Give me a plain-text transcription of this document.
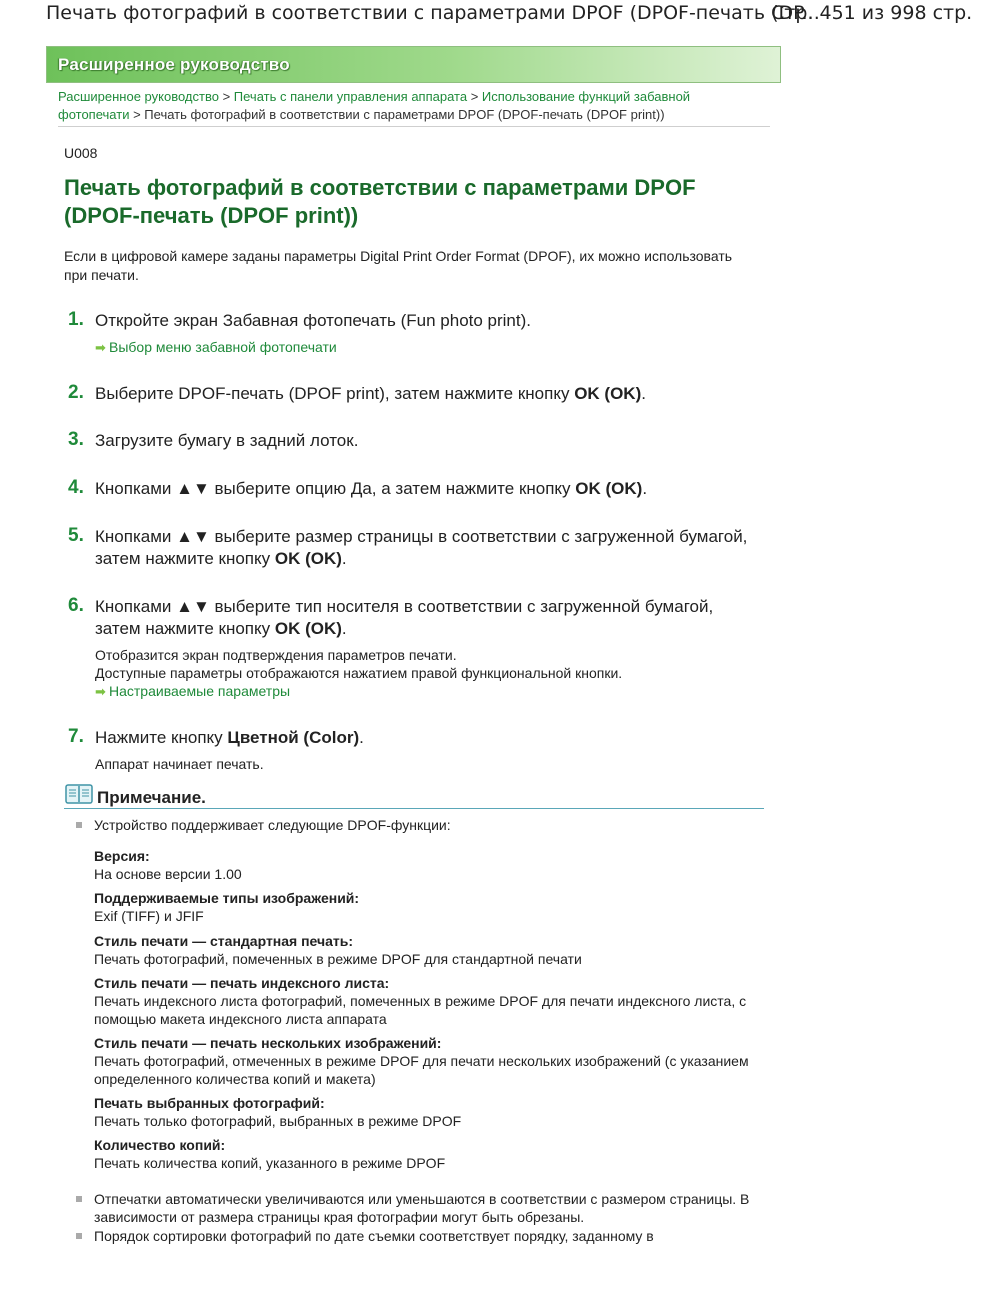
Печать фотографий в соответствии с параметрами DPOF (DPOF-печать (DP...
Стр. 451 из 998 стр.
Расширенное руководство
Расширенное руководство > Печать с панели управления аппарата > Использование функций забавной фотопечати > Печать фотографий в соответствии с параметрами DPOF (DPOF-печать (DPOF print))
U008
Печать фотографий в соответствии с параметрами DPOF (DPOF-печать (DPOF print))
Если в цифровой камере заданы параметры Digital Print Order Format (DPOF), их можно использовать при печати.
1. Откройте экран Забавная фотопечать (Fun photo print).
➡ Выбор меню забавной фотопечати
2. Выберите DPOF-печать (DPOF print), затем нажмите кнопку OK (OK).
3. Загрузите бумагу в задний лоток.
4. Кнопками ▲▼ выберите опцию Да, а затем нажмите кнопку OK (OK).
5. Кнопками ▲▼ выберите размер страницы в соответствии с загруженной бумагой, затем нажмите кнопку OK (OK).
6. Кнопками ▲▼ выберите тип носителя в соответствии с загруженной бумагой, затем нажмите кнопку OK (OK).
Отобразится экран подтверждения параметров печати.
Доступные параметры отображаются нажатием правой функциональной кнопки.
➡ Настраиваемые параметры
7. Нажмите кнопку Цветной (Color).
Аппарат начинает печать.
Примечание.
Устройство поддерживает следующие DPOF-функции:
Версия:
На основе версии 1.00
Поддерживаемые типы изображений:
Exif (TIFF) и JFIF
Стиль печати — стандартная печать:
Печать фотографий, помеченных в режиме DPOF для стандартной печати
Стиль печати — печать индексного листа:
Печать индексного листа фотографий, помеченных в режиме DPOF для печати индексного листа, с помощью макета индексного листа аппарата
Стиль печати — печать нескольких изображений:
Печать фотографий, отмеченных в режиме DPOF для печати нескольких изображений (с указанием определенного количества копий и макета)
Печать выбранных фотографий:
Печать только фотографий, выбранных в режиме DPOF
Количество копий:
Печать количества копий, указанного в режиме DPOF
Отпечатки автоматически увеличиваются или уменьшаются в соответствии с размером страницы. В зависимости от размера страницы края фотографии могут быть обрезаны.
Порядок сортировки фотографий по дате съемки соответствует порядку, заданному в
